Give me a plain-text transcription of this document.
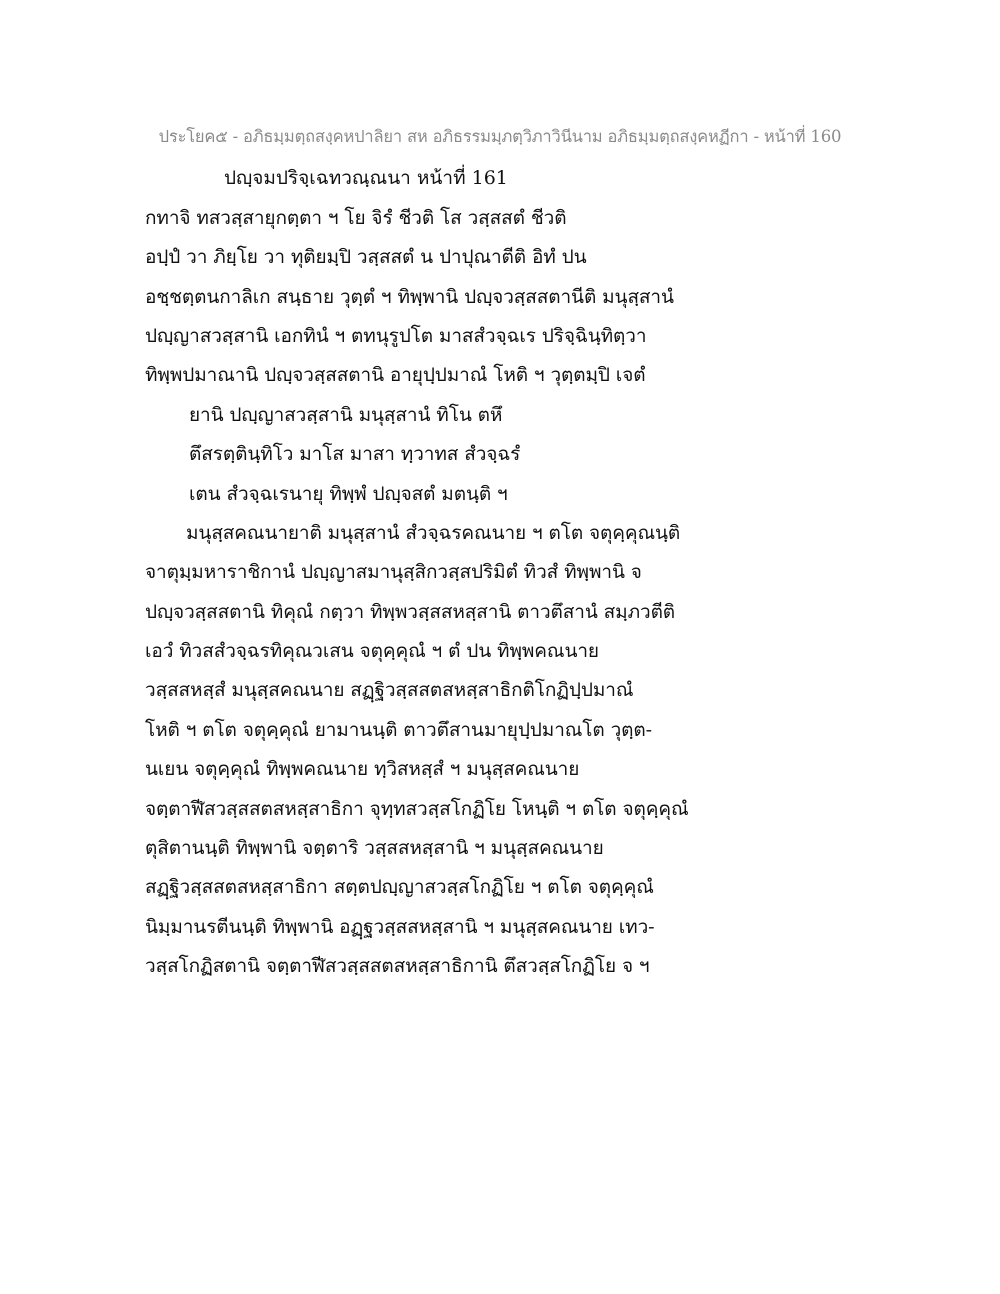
ประโยค๕ - อภิธมฺมตฺถสงฺคหปาลิยา สห อภิธรรมมฺภตฺวิภาวินีนาม อภิธมฺมตฺถสงฺคหฏีกา - หน้าที่ 160
ปญฺจมปริจฺเฉทวณฺณนา หน้าที่ 161
กทาจิ ทสวสฺสายุกตฺตา ฯ โย จิรํ ชีวติ โส วสฺสสตํ ชีวติ
อปฺปํ วา ภิยฺโย วา ทุติยมฺปิ วสฺสสตํ น ปาปุณาตีติ อิทํ ปน
อชฺชตฺตนกาลิเก สนฺธาย วุตฺตํ ฯ ทิพฺพานิ ปญฺจวสฺสสตานีติ มนุสฺสานํ
ปญฺญาสวสฺสานิ เอกทินํ ฯ ตทนุรูปโต มาสสํวจฺฉเร ปริจฺฉินฺทิตฺวา
ทิพฺพปมาณานิ ปญฺจวสฺสสตานิ อายุปฺปมาณํ โหติ ฯ วุตฺตมฺปิ เจตํ
ยานิ ปญฺญาสวสฺสานิ มนุสฺสานํ ทิโน ตหึ
ตึสรตฺตินฺทิโว มาโส มาสา ทฺวาทส สํวจฺฉรํ
เตน สํวจฺฉเรนายุ ทิพฺพํ ปญฺจสตํ มตนฺติ ฯ
มนุสฺสคณนายาติ มนุสฺสานํ สํวจฺฉรคณนาย ฯ ตโต จตุคฺคุณนฺติ
จาตุมฺมหาราชิกานํ ปญฺญาสมานุสฺสิกวสฺสปริมิตํ ทิวสํ ทิพฺพานิ จ
ปญฺจวสฺสสตานิ ทิคุณํ กตฺวา ทิพฺพวสฺสสหสฺสานิ ตาวตึสานํ สมฺภวตีติ
เอวํ ทิวสสํวจฺฉรทิคุณวเสน จตุคฺคุณํ ฯ ตํ ปน ทิพฺพคณนาย
วสฺสสหสฺสํ มนุสฺสคณนาย สฏฺฐิวสฺสสตสหสฺสาธิกติโกฏิปฺปมาณํ
โหติ ฯ ตโต จตุคฺคุณํ ยามานนฺติ ตาวตึสานมายุปฺปมาณโต วุตฺต-
นเยน จตุคฺคุณํ ทิพฺพคณนาย ทฺวิสหสฺสํ ฯ มนุสฺสคณนาย
จตฺตาฬีสวสฺสสตสหสฺสาธิกา จุทฺทสวสฺสโกฏิโย โหนฺติ ฯ ตโต จตุคฺคุณํ
ตุสิตานนฺติ ทิพฺพานิ จตฺตาริ วสฺสสหสฺสานิ ฯ มนุสฺสคณนาย
สฏฺฐิวสฺสสตสหสฺสาธิกา สตฺตปญฺญาสวสฺสโกฏิโย ฯ ตโต จตุคฺคุณํ
นิมฺมานรตีนนฺติ ทิพฺพานิ อฏฺฐวสฺสสหสฺสานิ ฯ มนุสฺสคณนาย เทว-
วสฺสโกฏิสตานิ จตฺตาฬีสวสฺสสตสหสฺสาธิกานิ ตึสวสฺสโกฏิโย จ ฯ
